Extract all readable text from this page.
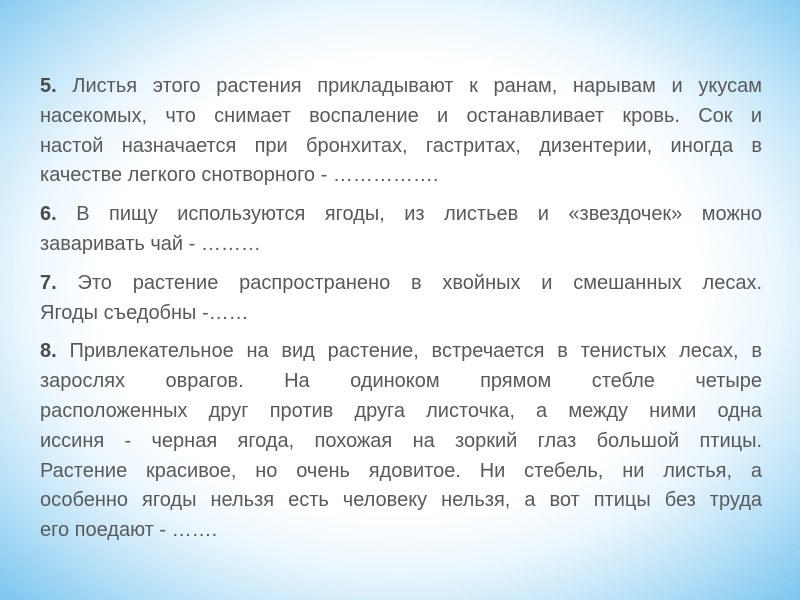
5. Листья этого растения прикладывают к ранам, нарывам и укусам
насекомых, что снимает воспаление и останавливает кровь. Сок и
настой назначается при бронхитах, гастритах, дизентерии, иногда в
качестве легкого снотворного - …………….
6. В пищу используются ягоды, из листьев и «звездочек» можно
заваривать чай - ………
7. Это растение распространено в хвойных и смешанных лесах.
Ягоды съедобны -……
8. Привлекательное на вид растение, встречается в тенистых лесах, в
зарослях оврагов. На одиноком прямом стебле четыре
расположенных друг против друга листочка, а между ними одна
иссиня - черная ягода, похожая на зоркий глаз большой птицы.
Растение красивое, но очень ядовитое. Ни стебель, ни листья, а
особенно ягоды нельзя есть человеку нельзя, а вот птицы без труда
его поедают - …….
